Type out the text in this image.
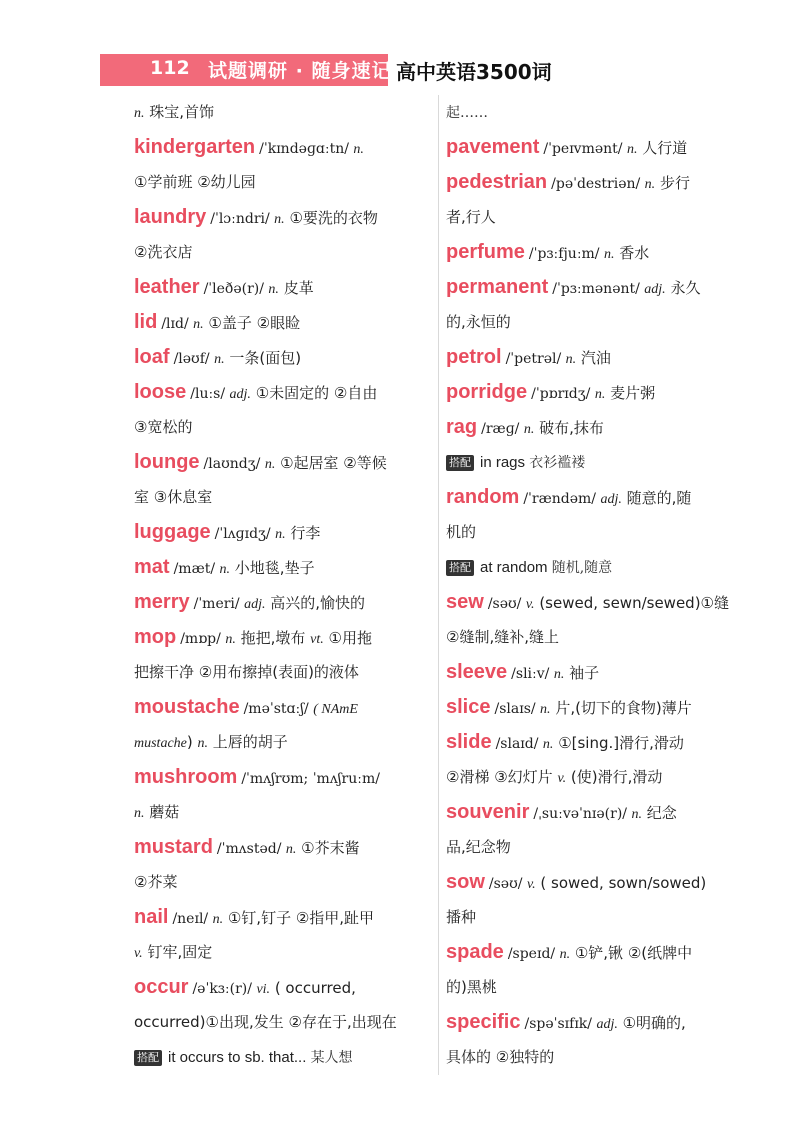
112 试题调研 · 随身速记 高中英语3500词
n. 珠宝,首饰
kindergarten /ˈkɪndəɡɑːtn/ n.
①学前班 ②幼儿园
laundry /ˈlɔːndri/ n. ①要洗的衣物
②洗衣店
leather /ˈleðə(r)/ n. 皮革
lid /lɪd/ n. ①盖子 ②眼睑
loaf /ləʊf/ n. 一条(面包)
loose /luːs/ adj. ①未固定的 ②自由
③宽松的
lounge /laʊndʒ/ n. ①起居室 ②等候
室 ③休息室
luggage /ˈlʌɡɪdʒ/ n. 行李
mat /mæt/ n. 小地毯,垫子
merry /ˈmeri/ adj. 高兴的,愉快的
mop /mɒp/ n. 拖把,墩布 vt. ①用拖
把擦干净 ②用布擦掉(表面)的液体
moustache /məˈstɑːʃ/ ( NAmE
mustache) n. 上唇的胡子
mushroom /ˈmʌʃrʊm; ˈmʌʃruːm/
n. 蘑菇
mustard /ˈmʌstəd/ n. ①芥末酱
②芥菜
nail /neɪl/ n. ①钉,钉子 ②指甲,趾甲
v. 钉牢,固定
occur /əˈkɜː(r)/ vi. ( occurred,
occurred)①出现,发生 ②存在于,出现在
搭配 it occurs to sb. that... 某人想
起……
pavement /ˈpeɪvmənt/ n. 人行道
pedestrian /pəˈdestriən/ n. 步行
者,行人
perfume /ˈpɜːfjuːm/ n. 香水
permanent /ˈpɜːmənənt/ adj. 永久
的,永恒的
petrol /ˈpetrəl/ n. 汽油
porridge /ˈpɒrɪdʒ/ n. 麦片粥
rag /ræɡ/ n. 破布,抹布
搭配 in rags 衣衫褴褛
random /ˈrændəm/ adj. 随意的,随
机的
搭配 at random 随机,随意
sew /səʊ/ v. (sewed, sewn/sewed)①缝
②缝制,缝补,缝上
sleeve /sliːv/ n. 袖子
slice /slaɪs/ n. 片,(切下的食物)薄片
slide /slaɪd/ n. ①[sing.]滑行,滑动
②滑梯 ③幻灯片 v. (使)滑行,滑动
souvenir /ˌsuːvəˈnɪə(r)/ n. 纪念
品,纪念物
sow /səʊ/ v. ( sowed, sown/sowed)
播种
spade /speɪd/ n. ①铲,锹 ②(纸牌中
的)黑桃
specific /spəˈsɪfɪk/ adj. ①明确的,
具体的 ②独特的
